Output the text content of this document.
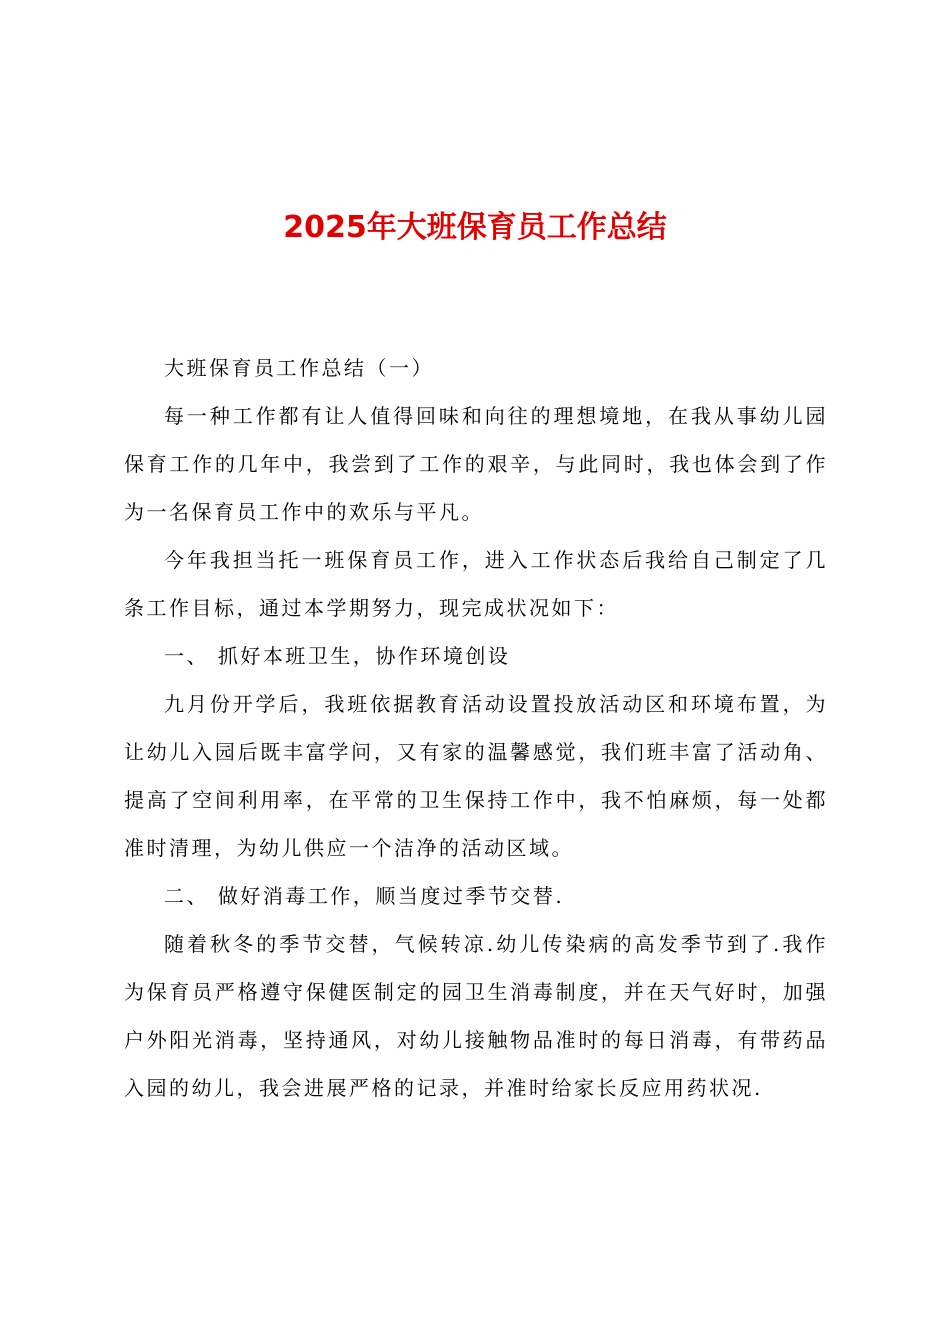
2025年大班保育员工作总结

大班保育员工作总结（一）

每一种工作都有让人值得回味和向往的理想境地，在我从事幼儿园保育工作的几年中，我尝到了工作的艰辛，与此同时，我也体会到了作为一名保育员工作中的欢乐与平凡。

今年我担当托一班保育员工作，进入工作状态后我给自己制定了几条工作目标，通过本学期努力，现完成状况如下：

一、 抓好本班卫生，协作环境创设

九月份开学后，我班依据教育活动设置投放活动区和环境布置，为让幼儿入园后既丰富学问，又有家的温馨感觉，我们班丰富了活动角、提高了空间利用率，在平常的卫生保持工作中，我不怕麻烦，每一处都准时清理，为幼儿供应一个洁净的活动区域。

二、 做好消毒工作，顺当度过季节交替.

随着秋冬的季节交替，气候转凉.幼儿传染病的高发季节到了.我作为保育员严格遵守保健医制定的园卫生消毒制度，并在天气好时，加强户外阳光消毒，坚持通风，对幼儿接触物品准时的每日消毒，有带药品入园的幼儿，我会进展严格的记录，并准时给家长反应用药状况.
